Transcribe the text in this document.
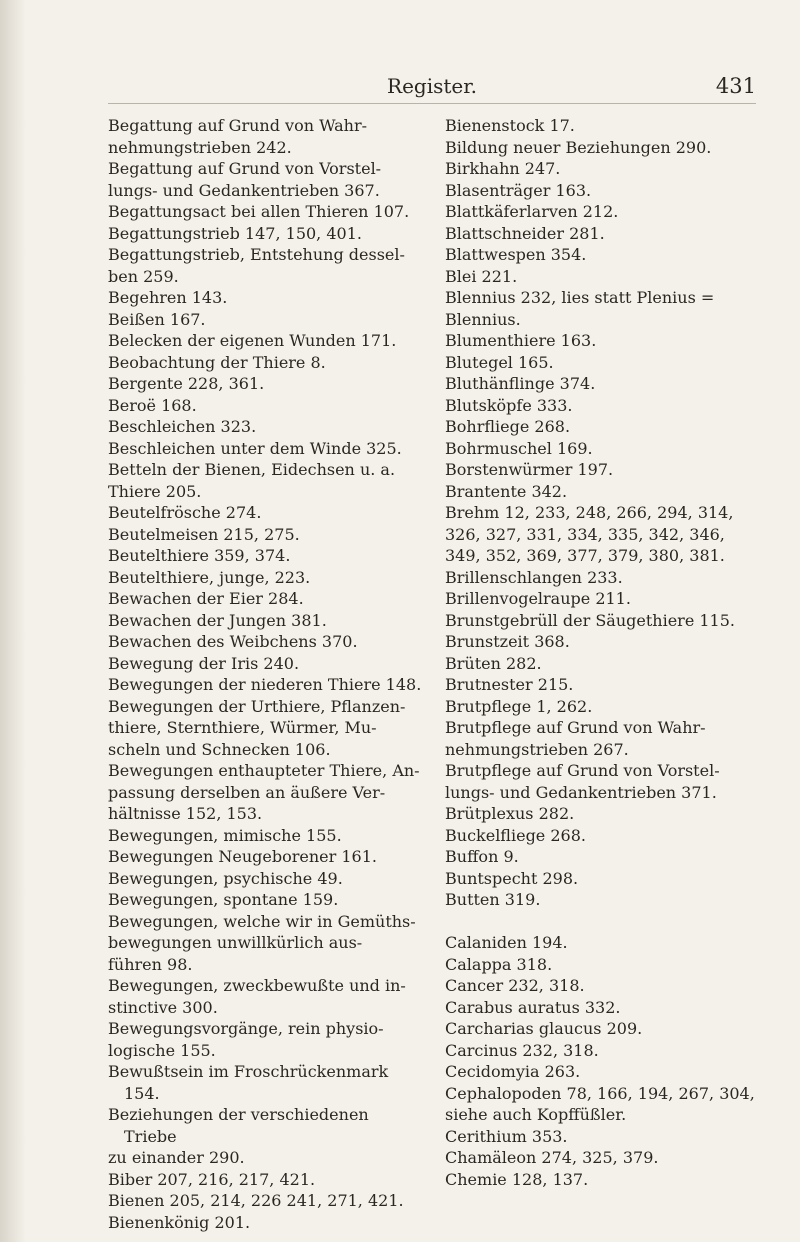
Register.	431

Begattung auf Grund von Wahr-
nehmungstrieben 242.

Begattung auf Grund von Vorstel-
lungs- und Gedankentrieben 367.

Begattungsact bei allen Thieren 107.

Begattungstrieb 147, 150, 401.

Begattungstrieb, Entstehung dessel-
ben 259.

Begehren 143.

Beißen 167.

Belecken der eigenen Wunden 171.

Beobachtung der Thiere 8.

Bergente 228, 361.

Beroë 168.

Beschleichen 323.

Beschleichen unter dem Winde 325.

Betteln der Bienen, Eidechsen u. a.
Thiere 205.

Beutelfrösche 274.

Beutelmeisen 215, 275.

Beutelthiere 359, 374.

Beutelthiere, junge, 223.

Bewachen der Eier 284.

Bewachen der Jungen 381.

Bewachen des Weibchens 370.

Bewegung der Iris 240.

Bewegungen der niederen Thiere 148.

Bewegungen der Urthiere, Pflanzen-
thiere, Sternthiere, Würmer, Mu-
scheln und Schnecken 106.

Bewegungen enthaupteter Thiere, An-
passung derselben an äußere Ver-
hältnisse 152, 153.

Bewegungen, mimische 155.

Bewegungen Neugeborener 161.

Bewegungen, psychische 49.

Bewegungen, spontane 159.

Bewegungen, welche wir in Gemüths-
bewegungen unwillkürlich aus-
führen 98.

Bewegungen, zweckbewußte und in-
stinctive 300.

Bewegungsvorgänge, rein physio-
logische 155.

Bewußtsein im Froschrückenmark 154.

Beziehungen der verschiedenen Triebe
zu einander 290.

Biber 207, 216, 217, 421.

Bienen 205, 214, 226 241, 271, 421.

Bienenkönig 201.

Bienenstock 17.

Bildung neuer Beziehungen 290.

Birkhahn 247.

Blasenträger 163.

Blattkäferlarven 212.

Blattschneider 281.

Blattwespen 354.

Blei 221.

Blennius 232, lies statt Plenius =
Blennius.

Blumenthiere 163.

Blutegel 165.

Bluthänflinge 374.

Blutsköpfe 333.

Bohrfliege 268.

Bohrmuschel 169.

Borstenwürmer 197.

Brantente 342.

Brehm 12, 233, 248, 266, 294, 314,
326, 327, 331, 334, 335, 342, 346,
349, 352, 369, 377, 379, 380, 381.

Brillenschlangen 233.

Brillenvogelraupe 211.

Brunstgebrüll der Säugethiere 115.

Brunstzeit 368.

Brüten 282.

Brutnester 215.

Brutpflege 1, 262.

Brutpflege auf Grund von Wahr-
nehmungstrieben 267.

Brutpflege auf Grund von Vorstel-
lungs- und Gedankentrieben 371.

Brütplexus 282.

Buckelfliege 268.

Buffon 9.

Buntspecht 298.

Butten 319.

Calaniden 194.

Calappa 318.

Cancer 232, 318.

Carabus auratus 332.

Carcharias glaucus 209.

Carcinus 232, 318.

Cecidomyia 263.

Cephalopoden 78, 166, 194, 267, 304,
siehe auch Kopffüßler.

Cerithium 353.

Chamäleon 274, 325, 379.

Chemie 128, 137.
